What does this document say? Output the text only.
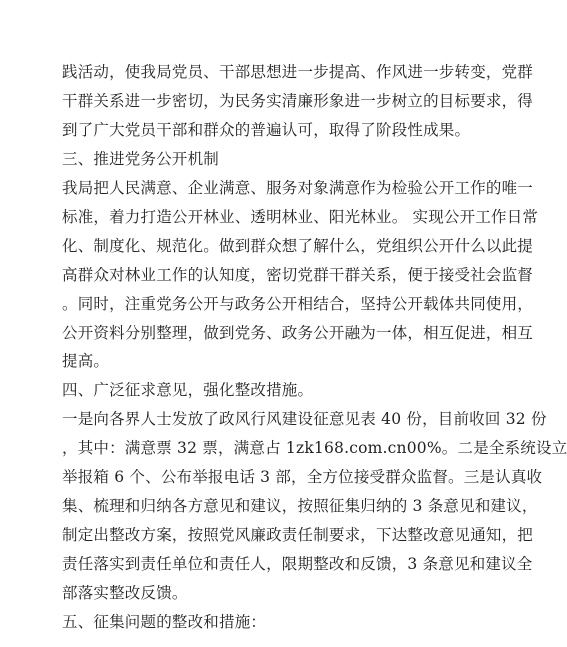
践活动，使我局党员、干部思想进一步提高、作风进一步转变，党群
干群关系进一步密切，为民务实清廉形象进一步树立的目标要求，得
到了广大党员干部和群众的普遍认可，取得了阶段性成果。
三、推进党务公开机制
我局把人民满意、企业满意、服务对象满意作为检验公开工作的唯一
标准，着力打造公开林业、透明林业、阳光林业。 实现公开工作日常
化、制度化、规范化。做到群众想了解什么，党组织公开什么以此提
高群众对林业工作的认知度，密切党群干群关系，便于接受社会监督
。同时，注重党务公开与政务公开相结合，坚持公开载体共同使用，
公开资料分别整理，做到党务、政务公开融为一体，相互促进，相互
提高。
四、广泛征求意见，强化整改措施。
一是向各界人士发放了政风行风建设征意见表 40 份，目前收回 32 份
，其中：满意票 32 票，满意占 1zk168.com.cn00%。二是全系统设立
举报箱 6 个、公布举报电话 3 部，全方位接受群众监督。三是认真收
集、梳理和归纳各方意见和建议，按照征集归纳的 3 条意见和建议，
制定出整改方案，按照党风廉政责任制要求，下达整改意见通知，把
责任落实到责任单位和责任人，限期整改和反馈，3 条意见和建议全
部落实整改反馈。
五、征集问题的整改和措施：
